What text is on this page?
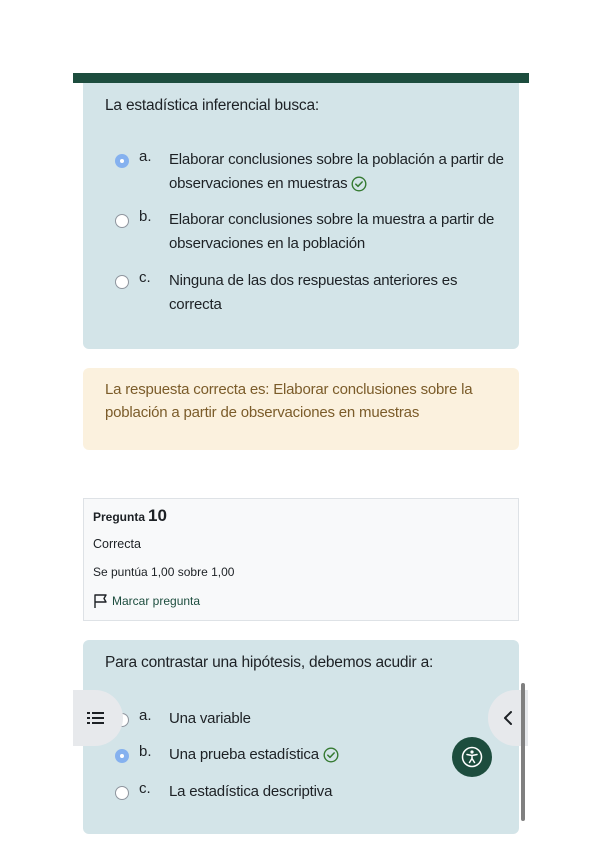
La estadística inferencial busca:
a. Elaborar conclusiones sobre la población a partir de observaciones en muestras
b. Elaborar conclusiones sobre la muestra a partir de observaciones en la población
c. Ninguna de las dos respuestas anteriores es correcta
La respuesta correcta es: Elaborar conclusiones sobre la población a partir de observaciones en muestras
Pregunta 10
Correcta
Se puntúa 1,00 sobre 1,00
Marcar pregunta
Para contrastar una hipótesis, debemos acudir a:
a. Una variable
b. Una prueba estadística
c. La estadística descriptiva
